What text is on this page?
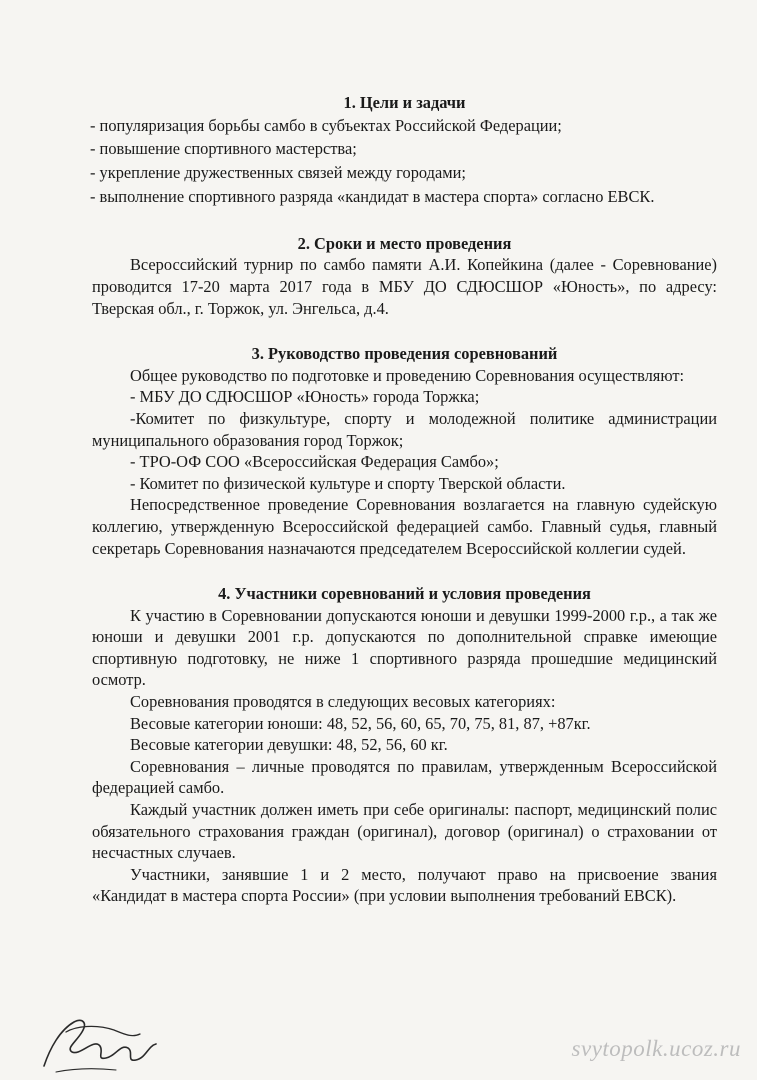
1. Цели и задачи

- популяризация борьбы самбо в субъектах Российской Федерации;

- повышение спортивного мастерства;

- укрепление дружественных связей между городами;

- выполнение спортивного разряда «кандидат в мастера спорта» согласно ЕВСК.

2. Сроки и место проведения

Всероссийский турнир по самбо памяти А.И. Копейкина (далее - Соревнование) проводится 17-20 марта 2017 года в МБУ ДО СДЮСШОР «Юность», по адресу: Тверская обл., г. Торжок, ул. Энгельса, д.4.

3. Руководство проведения соревнований

Общее руководство по подготовке и проведению Соревнования осуществляют:

- МБУ ДО СДЮСШОР «Юность» города Торжка;

-Комитет по физкультуре, спорту и молодежной политике администрации муниципального образования город Торжок;

- ТРО-ОФ СОО «Всероссийская Федерация Самбо»;

- Комитет по физической культуре и спорту Тверской области.

Непосредственное проведение Соревнования возлагается на главную судейскую коллегию, утвержденную Всероссийской федерацией самбо. Главный судья, главный секретарь Соревнования назначаются председателем Всероссийской коллегии судей.

4. Участники соревнований и условия проведения

К участию в Соревновании допускаются юноши и девушки 1999-2000 г.р., а так же юноши и девушки 2001 г.р. допускаются по дополнительной справке имеющие спортивную подготовку, не ниже 1 спортивного разряда прошедшие медицинский осмотр.

Соревнования проводятся в следующих весовых категориях:

Весовые категории юноши: 48, 52, 56, 60, 65, 70, 75, 81, 87, +87кг.

Весовые категории девушки: 48, 52, 56, 60 кг.

Соревнования – личные проводятся по правилам, утвержденным Всероссийской федерацией самбо.

Каждый участник должен иметь при себе оригиналы: паспорт, медицинский полис обязательного страхования граждан (оригинал), договор (оригинал) о страховании от несчастных случаев.

Участники, занявшие 1 и 2 место, получают право на присвоение звания «Кандидат в мастера спорта России» (при условии выполнения требований ЕВСК).

svytopolk.ucoz.ru
